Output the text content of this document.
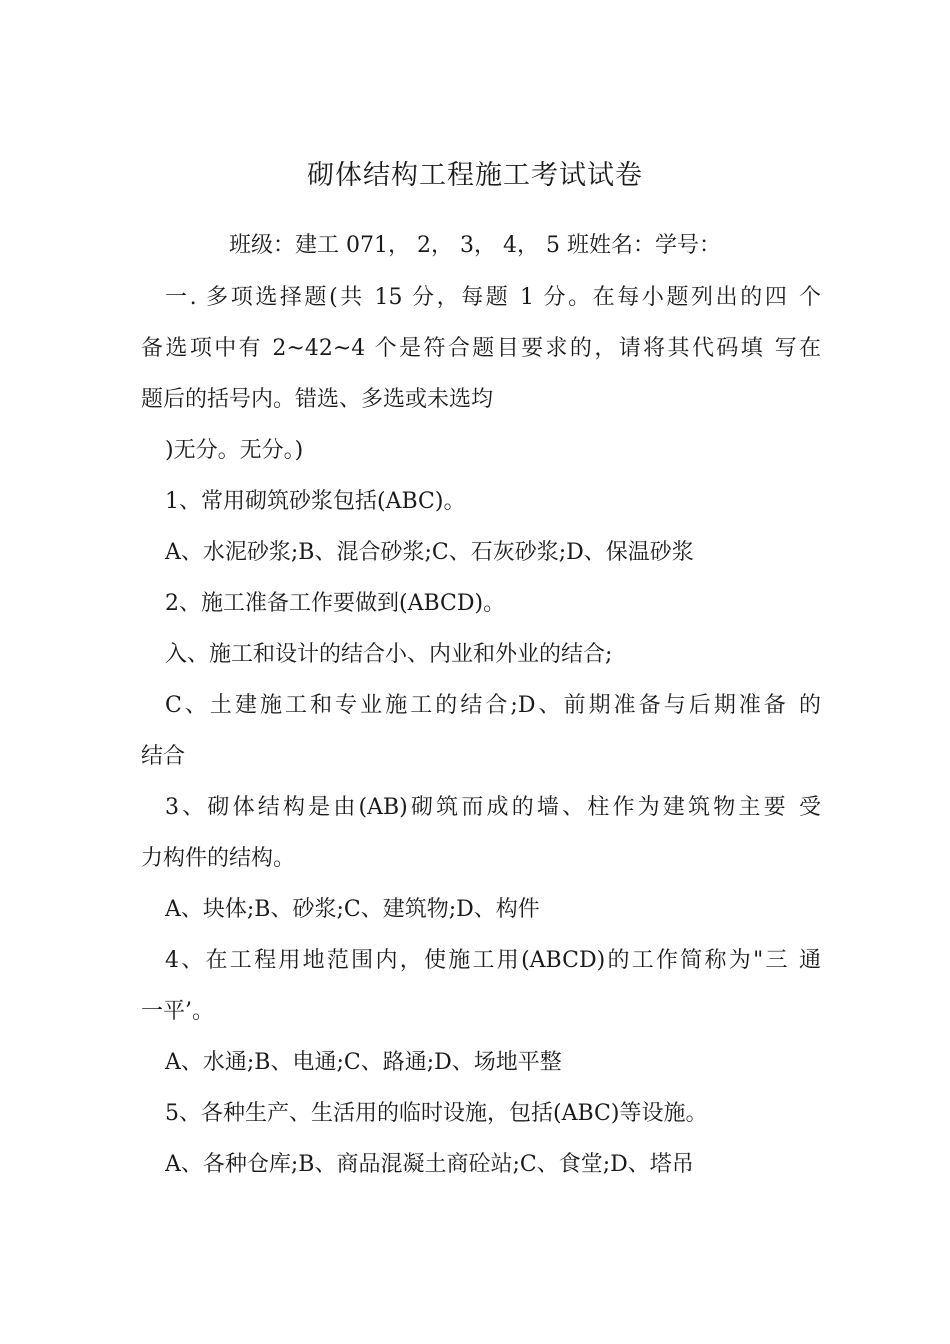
砌体结构工程施工考试试卷
班级：建工 071， 2， 3， 4， 5 班姓名：学号：
一. 多项选择题(共 15 分，每题 1 分。在每小题列出的四 个
备选项中有 2~42~4 个是符合题目要求的，请将其代码填 写在
题后的括号内。错选、多选或未选均
)无分。无分。)
1、常用砌筑砂浆包括(ABC)。
A、水泥砂浆;B、混合砂浆;C、石灰砂浆;D、保温砂浆
2、施工准备工作要做到(ABCD)。
入、施工和设计的结合小、内业和外业的结合;
C、土建施工和专业施工的结合;D、前期准备与后期准备 的
结合
3、砌体结构是由(AB)砌筑而成的墙、柱作为建筑物主要 受
力构件的结构。
A、块体;B、砂浆;C、建筑物;D、构件
4、在工程用地范围内，使施工用(ABCD)的工作简称为"三 通
一平’。
A、水通;B、电通;C、路通;D、场地平整
5、各种生产、生活用的临时设施，包括(ABC)等设施。
A、各种仓库;B、商品混凝土商砼站;C、食堂;D、塔吊
